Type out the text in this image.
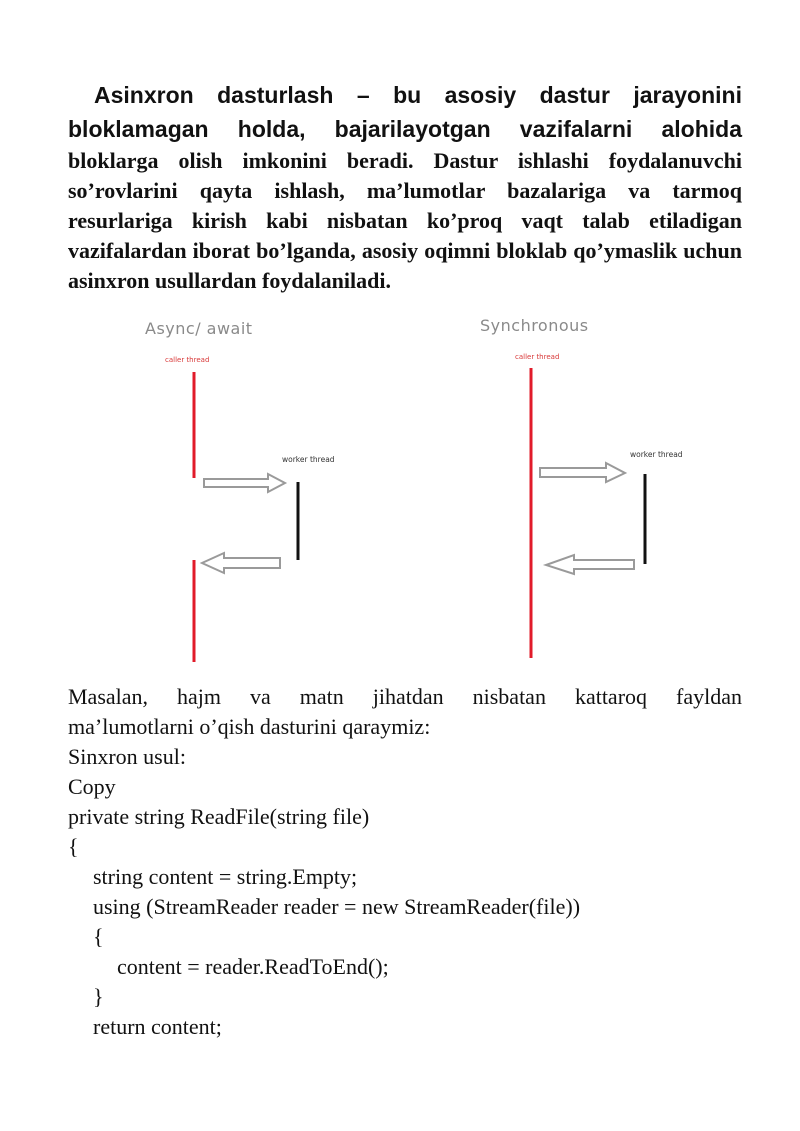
Asinxron dasturlash – bu asosiy dastur jarayonini

bloklamagan holda, bajarilayotgan vazifalarni alohida

bloklarga olish imkonini beradi. Dastur ishlashi foydalanuvchi so’rovlarini qayta ishlash, ma’lumotlar bazalariga va tarmoq resurlariga kirish kabi nisbatan ko’proq vaqt talab etiladigan vazifalardan iborat bo’lganda, asosiy oqimni bloklab qo’ymaslik uchun asinxron usullardan foydalaniladi.

Async/ await	Synchronous
caller thread	caller thread
worker thread
worker thread

Masalan, hajm va matn jihatdan nisbatan kattaroq fayldan

ma’lumotlarni o’qish dasturini qaraymiz:

Sinxron usul:

Copy

private string ReadFile(string file)

{

string content = string.Empty;

using (StreamReader reader = new StreamReader(file))

{

content = reader.ReadToEnd();

}

return content;
